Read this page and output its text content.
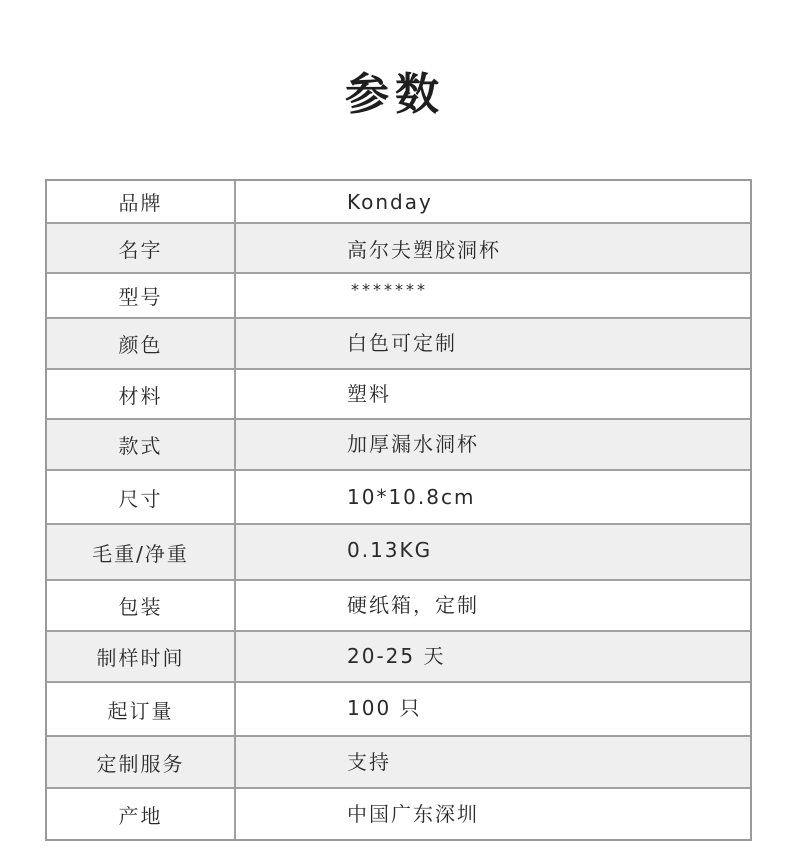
参数
品牌	Konday
名字	高尔夫塑胶洞杯
型号	*******
颜色	白色可定制
材料	塑料
款式	加厚漏水洞杯
尺寸	10*10.8cm
毛重/净重	0.13KG
包装	硬纸箱，定制
制样时间	20-25 天
起订量	100 只
定制服务	支持
产地	中国广东深圳
